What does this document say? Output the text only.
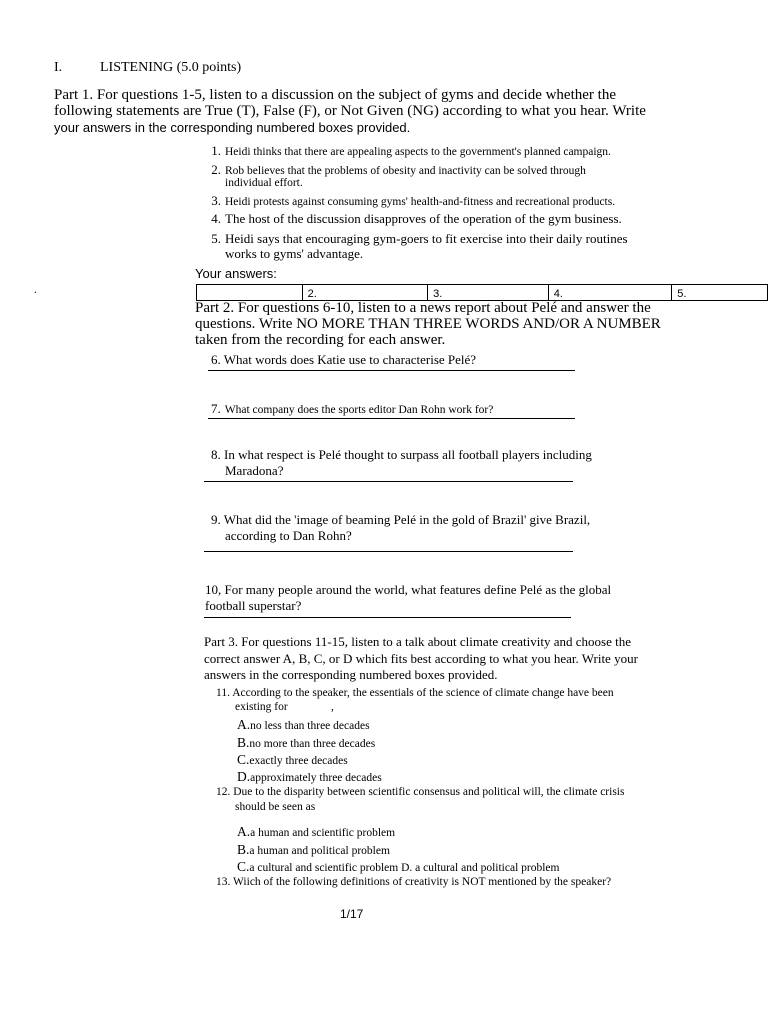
I.	LISTENING (5.0 points)
Part 1. For questions 1-5, listen to a discussion on the subject of gyms and decide whether the
following statements are True (T), False (F), or Not Given (NG) according to what you hear. Write
your answers in the corresponding numbered boxes provided.
1. Heidi thinks that there are appealing aspects to the government's planned campaign.
2. Rob believes that the problems of obesity and inactivity can be solved through
individual effort.
3. Heidi protests against consuming gyms' health-and-fitness and recreational products.
4. The host of the discussion disapproves of the operation of the gym business.
5. Heidi says that encouraging gym-goers to fit exercise into their daily routines
works to gyms' advantage.
Your answers:
.
		2.	3.	4.	5.
Part 2. For questions 6-10, listen to a news report about Pelé and answer the
questions. Write NO MORE THAN THREE WORDS AND/OR A NUMBER
taken from the recording for each answer.
6. What words does Katie use to characterise Pelé?
7. What company does the sports editor Dan Rohn work for?
8. In what respect is Pelé thought to surpass all football players including
Maradona?
9. What did the 'image of beaming Pelé in the gold of Brazil' give Brazil,
according to Dan Rohn?
10, For many people around the world, what features define Pelé as the global
football superstar?
Part 3. For questions 11-15, listen to a talk about climate creativity and choose the
correct answer A, B, C, or D which fits best according to what you hear. Write your
answers in the corresponding numbered boxes provided.
11. According to the speaker, the essentials of the science of climate change have been
existing for	,
A.no less than three decades
B.no more than three decades
C.exactly three decades
D.approximately three decades
12. Due to the disparity between scientific consensus and political will, the climate crisis
should be seen as
A.a human and scientific problem
B.a human and political problem
C.a cultural and scientific problem D. a cultural and political problem
13. Wiich of the following definitions of creativity is NOT mentioned by the speaker?
1/17
